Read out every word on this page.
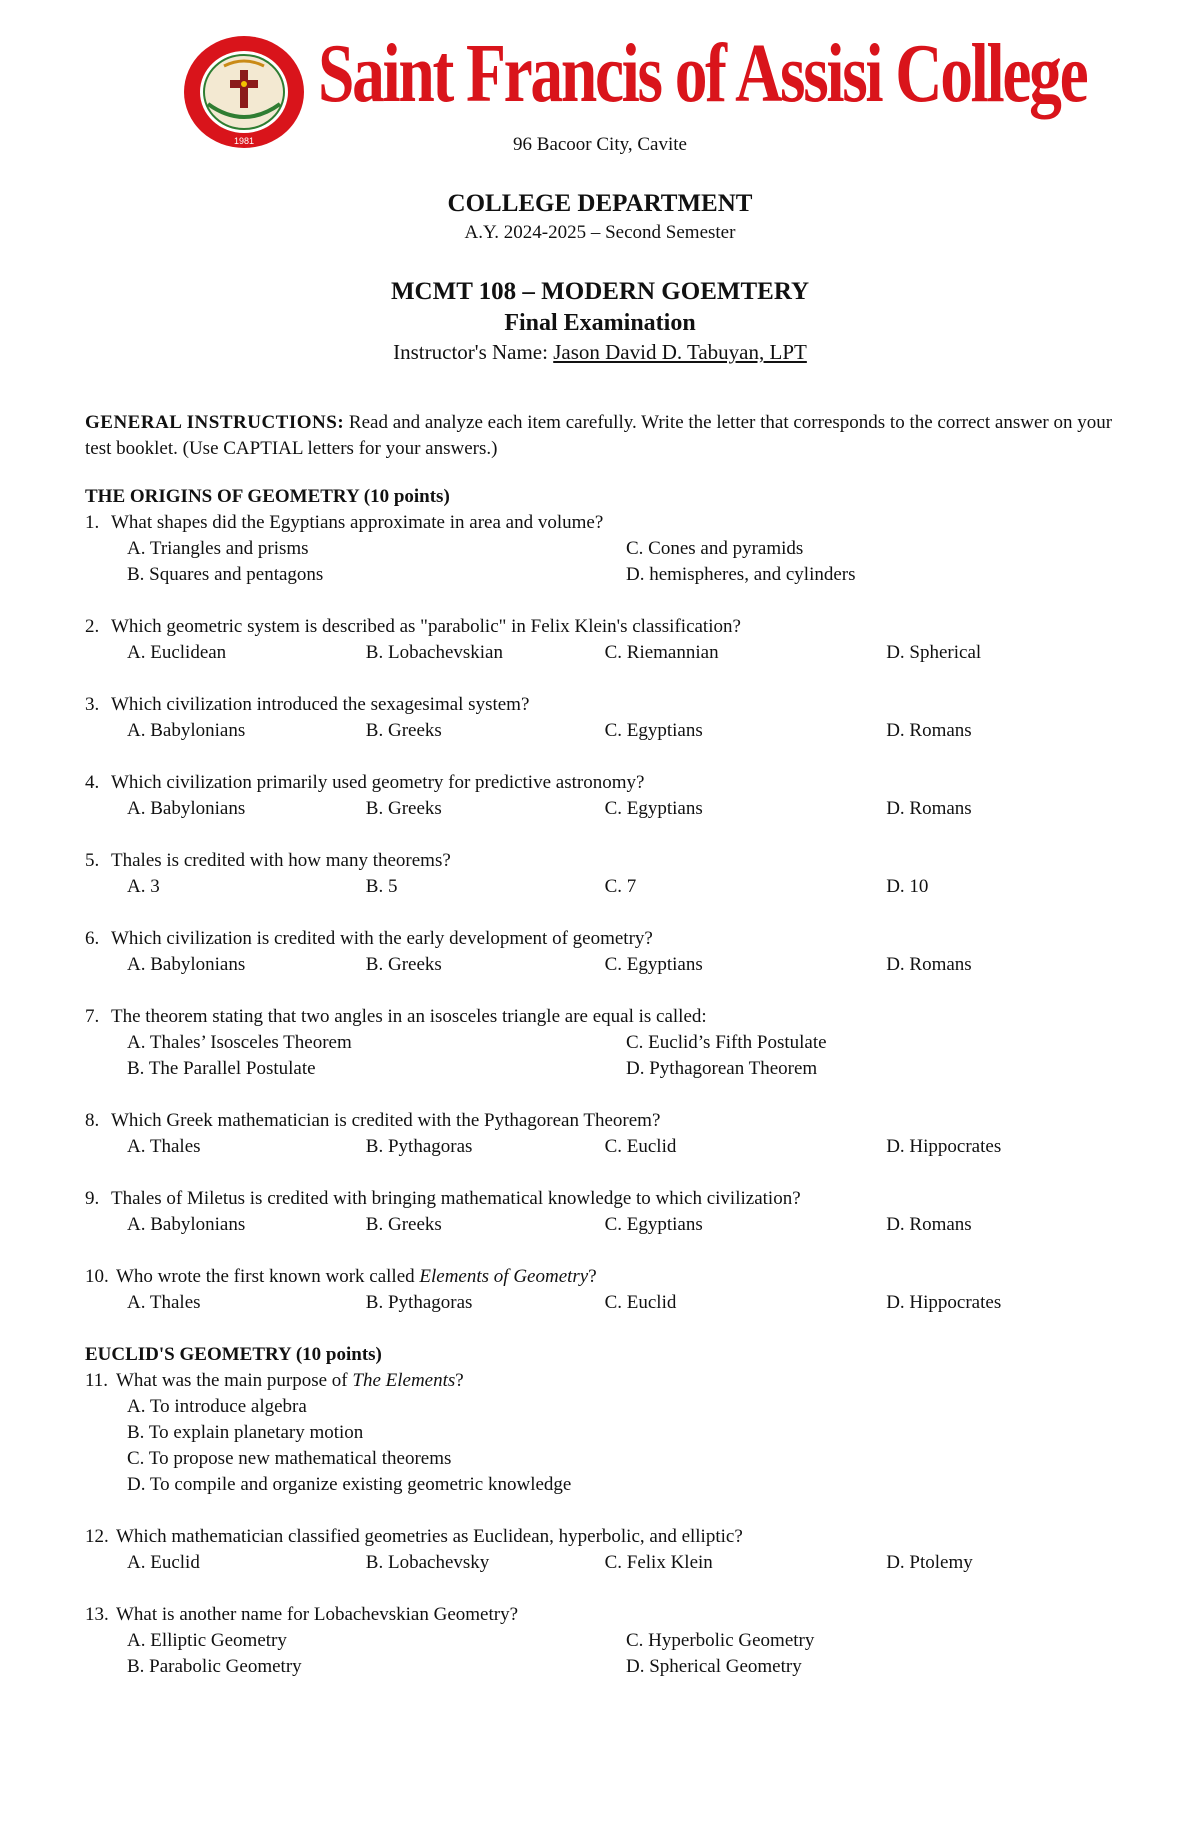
1981
Saint Francis of Assisi College
96 Bacoor City, Cavite
COLLEGE DEPARTMENT
A.Y. 2024-2025 – Second Semester
MCMT 108 – MODERN GOEMTERY
Final Examination
Instructor's Name: Jason David D. Tabuyan, LPT

GENERAL INSTRUCTIONS: Read and analyze each item carefully. Write the letter that corresponds to the correct answer on your test booklet. (Use CAPTIAL letters for your answers.)

THE ORIGINS OF GEOMETRY (10 points)
1. What shapes did the Egyptians approximate in area and volume?
A. Triangles and prisms	C. Cones and pyramids
B. Squares and pentagons	D. hemispheres, and cylinders
2. Which geometric system is described as "parabolic" in Felix Klein's classification?
A. Euclidean	B. Lobachevskian	C. Riemannian	D. Spherical
3. Which civilization introduced the sexagesimal system?
A. Babylonians	B. Greeks	C. Egyptians	D. Romans
4. Which civilization primarily used geometry for predictive astronomy?
A. Babylonians	B. Greeks	C. Egyptians	D. Romans
5. Thales is credited with how many theorems?
A. 3	B. 5	C. 7	D. 10
6. Which civilization is credited with the early development of geometry?
A. Babylonians	B. Greeks	C. Egyptians	D. Romans
7. The theorem stating that two angles in an isosceles triangle are equal is called:
A. Thales’ Isosceles Theorem	C. Euclid’s Fifth Postulate
B. The Parallel Postulate	D. Pythagorean Theorem
8. Which Greek mathematician is credited with the Pythagorean Theorem?
A. Thales	B. Pythagoras	C. Euclid	D. Hippocrates
9. Thales of Miletus is credited with bringing mathematical knowledge to which civilization?
A. Babylonians	B. Greeks	C. Egyptians	D. Romans
10. Who wrote the first known work called Elements of Geometry?
A. Thales	B. Pythagoras	C. Euclid	D. Hippocrates
EUCLID'S GEOMETRY (10 points)
11. What was the main purpose of The Elements?
A. To introduce algebra
B. To explain planetary motion
C. To propose new mathematical theorems
D. To compile and organize existing geometric knowledge
12. Which mathematician classified geometries as Euclidean, hyperbolic, and elliptic?
A. Euclid	B. Lobachevsky	C. Felix Klein	D. Ptolemy
13. What is another name for Lobachevskian Geometry?
A. Elliptic Geometry	C. Hyperbolic Geometry
B. Parabolic Geometry	D. Spherical Geometry
